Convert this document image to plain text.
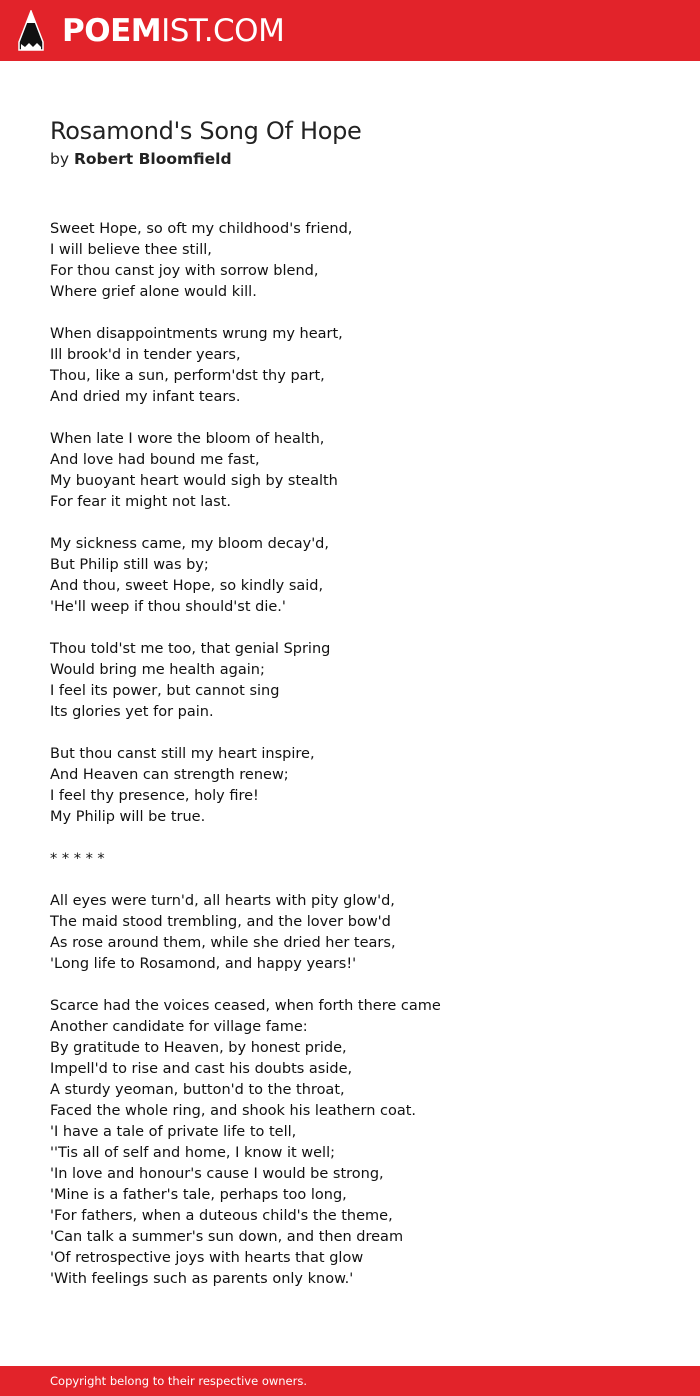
POEMIST.COM
Rosamond's Song Of Hope
by Robert Bloomfield

Sweet Hope, so oft my childhood's friend,
I will believe thee still,
For thou canst joy with sorrow blend,
Where grief alone would kill.

When disappointments wrung my heart,
Ill brook'd in tender years,
Thou, like a sun, perform'dst thy part,
And dried my infant tears.

When late I wore the bloom of health,
And love had bound me fast,
My buoyant heart would sigh by stealth
For fear it might not last.

My sickness came, my bloom decay'd,
But Philip still was by;
And thou, sweet Hope, so kindly said,
'He'll weep if thou should'st die.'

Thou told'st me too, that genial Spring
Would bring me health again;
I feel its power, but cannot sing
Its glories yet for pain.

But thou canst still my heart inspire,
And Heaven can strength renew;
I feel thy presence, holy fire!
My Philip will be true.

* * * * *

All eyes were turn'd, all hearts with pity glow'd,
The maid stood trembling, and the lover bow'd
As rose around them, while she dried her tears,
'Long life to Rosamond, and happy years!'

Scarce had the voices ceased, when forth there came
Another candidate for village fame:
By gratitude to Heaven, by honest pride,
Impell'd to rise and cast his doubts aside,
A sturdy yeoman, button'd to the throat,
Faced the whole ring, and shook his leathern coat.
'I have a tale of private life to tell,
''Tis all of self and home, I know it well;
'In love and honour's cause I would be strong,
'Mine is a father's tale, perhaps too long,
'For fathers, when a duteous child's the theme,
'Can talk a summer's sun down, and then dream
'Of retrospective joys with hearts that glow
'With feelings such as parents only know.'

Copyright belong to their respective owners.
